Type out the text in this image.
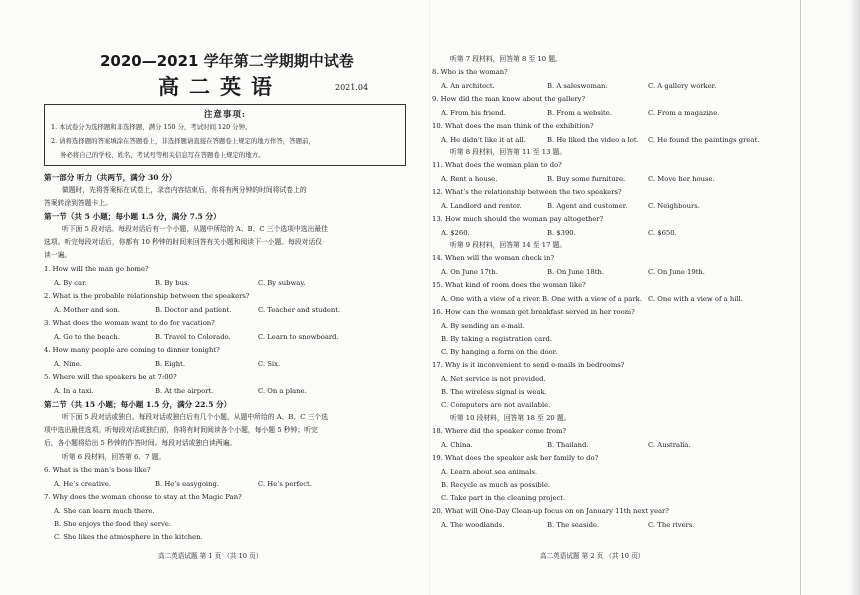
2020—2021 学年第二学期期中试卷
高二英语	2021.04
注意事项:
1. 本试卷分为选择题和非选择题，满分 150 分，考试时间 120 分钟。
2. 请将选择题的答案填涂在答题卷上，非选择题请直接在答题卷上规定的地方作答，答题前，
务必将自己的学校、姓名、考试号等相关信息写在答题卷上规定的地方。
第一部分 听力（共两节，满分 30 分）
做题时，先将答案标在试卷上，录音内容结束后，你将有两分钟的时间将试卷上的
答案转涂到答题卡上。
第一节（共 5 小题；每小题 1.5 分，满分 7.5 分）
听下面 5 段对话。每段对话后有一个小题，从题中所给的 A、B、C 三个选项中选出最佳
选项。听完每段对话后，你都有 10 秒钟的时间来回答有关小题和阅读下一小题。每段对话仅
读一遍。
1. How will the man go home?
A. By car.	B. By bus.	C. By subway.
2. What is the probable relationship between the speakers?
A. Mother and son.	B. Doctor and patient.	C. Teacher and student.
3. What does the woman want to do for vacation?
A. Go to the beach.	B. Travel to Colorado.	C. Learn to snowboard.
4. How many people are coming to dinner tonight?
A. Nine.	B. Eight.	C. Six.
5. Where will the speakers be at 7:00?
A. In a taxi.	B. At the airport.	C. On a plane.
第二节（共 15 小题；每小题 1.5 分，满分 22.5 分）
听下面 5 段对话或独白。每段对话或独白后有几个小题，从题中所给的 A、B、C 三个选
项中选出最佳选项。听每段对话或独白前，你将有时间阅读各个小题，每小题 5 秒钟；听完
后，各小题将给出 5 秒钟的作答时间。每段对话或独白读两遍。
听第 6 段材料，回答第 6、7 题。
6. What is the man’s boss like?
A. He’s creative.	B. He’s easygoing.	C. He’s perfect.
7. Why does the woman choose to stay at the Magic Pan?
A. She can learn much there.
B. She enjoys the food they serve.
C. She likes the atmosphere in the kitchen.
高二英语试题 第 1 页 （共 10 页）
听第 7 段材料，回答第 8 至 10 题。
8. Who is the woman?
A. An architect.	B. A saleswoman.	C. A gallery worker.
9. How did the man know about the gallery?
A. From his friend.	B. From a website.	C. From a magazine.
10. What does the man think of the exhibition?
A. He didn’t like it at all.	B. He liked the video a lot. C. He found the paintings great.
听第 8 段材料，回答第 11 至 13 题。
11. What does the woman plan to do?
A. Rent a house.	B. Buy some furniture.	C. Move her house.
12. What’s the relationship between the two speakers?
A. Landlord and renter.	B. Agent and customer.	C. Neighbours.
13. How much should the woman pay altogether?
A. $260.	B. $390.	C. $650.
听第 9 段材料，回答第 14 至 17 题。
14. When will the woman check in?
A. On June 17th.	B. On June 18th.	C. On June 19th.
15. What kind of room does the woman like?
A. One with a view of a river. B. One with a view of a park. C. One with a view of a hill.
16. How can the woman get breakfast served in her room?
A. By sending an e-mail.
B. By taking a registration card.
C. By hanging a form on the door.
17. Why is it inconvenient to send e-mails in bedrooms?
A. Net service is not provided.
B. The wireless signal is weak.
C. Computers are not available.
听第 10 段材料，回答第 18 至 20 题。
18. Where did the speaker come from?
A. China.	B. Thailand.	C. Australia.
19. What does the speaker ask her family to do?
A. Learn about sea animals.
B. Recycle as much as possible.
C. Take part in the cleaning project.
20. What will One-Day Clean-up focus on on January 11th next year?
A. The woodlands.	B. The seaside.	C. The rivers.
高二英语试题 第 2 页 （共 10 页）
